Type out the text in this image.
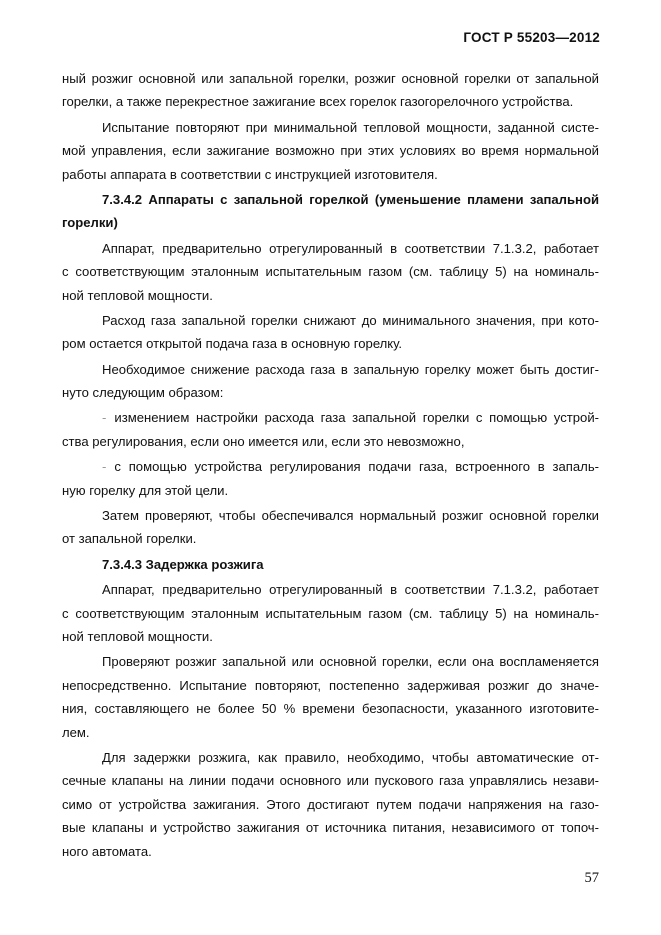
ГОСТ Р 55203—2012
ный розжиг основной или запальной горелки, розжиг основной горелки от запальной
горелки, а также перекрестное зажигание всех горелок газогорелочного устройства.
Испытание повторяют при минимальной тепловой мощности, заданной систе-
мой управления, если зажигание возможно при этих условиях во время нормальной
работы аппарата в соответствии с инструкцией изготовителя.
7.3.4.2 Аппараты с запальной горелкой (уменьшение пламени запальной
горелки)
Аппарат, предварительно отрегулированный в соответствии 7.1.3.2, работает
с соответствующим эталонным испытательным газом (см. таблицу 5) на номиналь-
ной тепловой мощности.
Расход газа запальной горелки снижают до минимального значения, при кото-
ром остается открытой подача газа в основную горелку.
Необходимое снижение расхода газа в запальную горелку может быть достиг-
нуто следующим образом:
- изменением настройки расхода газа запальной горелки с помощью устрой-
ства регулирования, если оно имеется или, если это невозможно,
- с помощью устройства регулирования подачи газа, встроенного в запаль-
ную горелку для этой цели.
Затем проверяют, чтобы обеспечивался нормальный розжиг основной горелки
от запальной горелки.
7.3.4.3 Задержка розжига
Аппарат, предварительно отрегулированный в соответствии 7.1.3.2, работает
с соответствующим эталонным испытательным газом (см. таблицу 5) на номиналь-
ной тепловой мощности.
Проверяют розжиг запальной или основной горелки, если она воспламеняется
непосредственно. Испытание повторяют, постепенно задерживая розжиг до значе-
ния, составляющего не более 50 % времени безопасности, указанного изготовите-
лем.
Для задержки розжига, как правило, необходимо, чтобы автоматические от-
сечные клапаны на линии подачи основного или пускового газа управлялись незави-
симо от устройства зажигания. Этого достигают путем подачи напряжения на газо-
вые клапаны и устройство зажигания от источника питания, независимого от топоч-
ного автомата.
57
